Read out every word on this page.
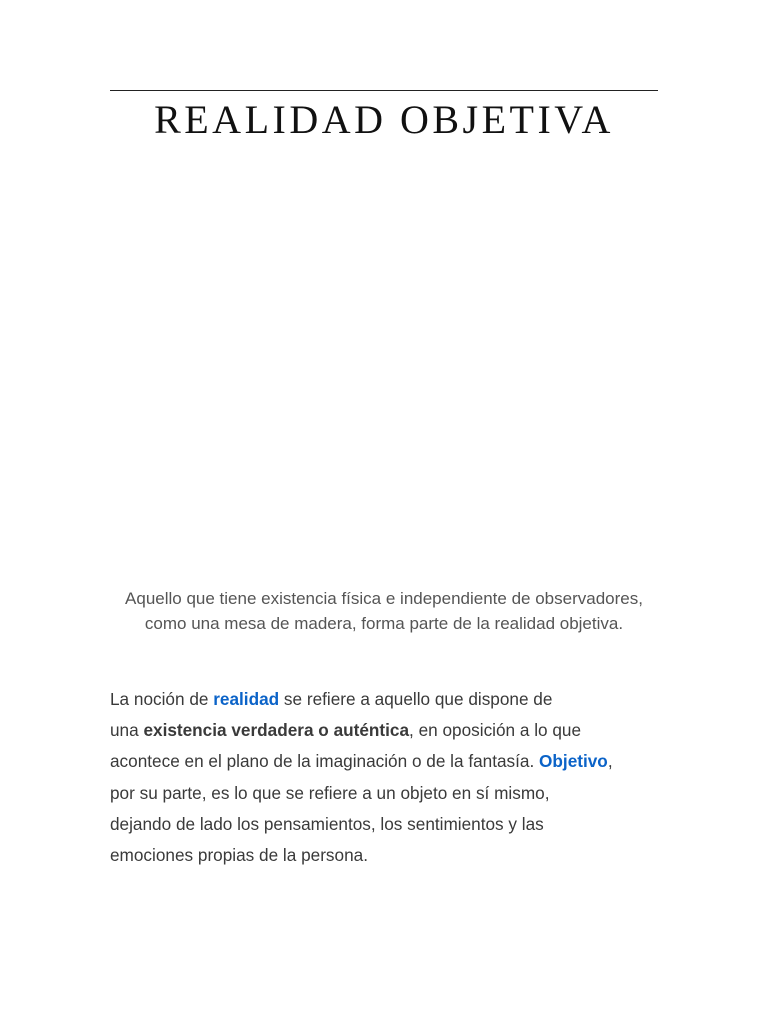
REALIDAD OBJETIVA

Aquello que tiene existencia física e independiente de observadores, como una mesa de madera, forma parte de la realidad objetiva.

La noción de realidad se refiere a aquello que dispone de
una existencia verdadera o auténtica, en oposición a lo que
acontece en el plano de la imaginación o de la fantasía. Objetivo,
por su parte, es lo que se refiere a un objeto en sí mismo,
dejando de lado los pensamientos, los sentimientos y las
emociones propias de la persona.
